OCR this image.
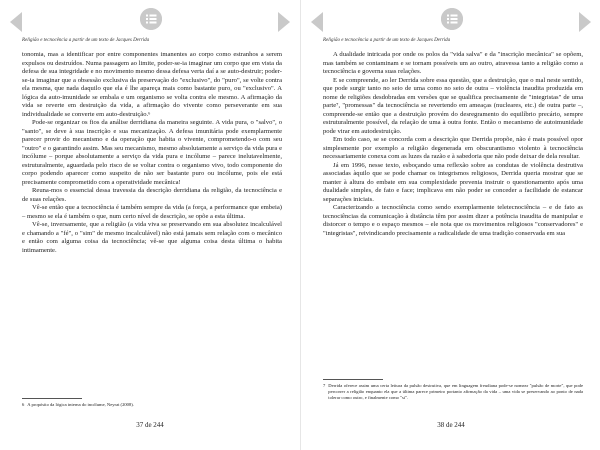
Religião e tecnocência a partir de um texto de Jacques Derrida

tonomia, mas a identificar por entre componentes imanentes ao corpo como estranhos a serem expulsos ou destruídos. Numa passagem ao limite, poder-se-ia imaginar um corpo que em vista da defesa de sua integridade e no movimento mesmo dessa defesa verta daí a se auto-destruir; poder-se-ia imaginar que a obsessão exclusiva da preservação do "exclusivo", do "puro", se volte contra ela mesma, que nada daquilo que ela é lhe apareça mais como bastante puro, ou "exclusivo". A lógica da auto-imunidade se embala e um organismo se volta contra ele mesmo. A afirmação da vida se reverte em destruição da vida, a afirmação do vivente como perseverante em sua individualidade se converte em auto-destruição.⁶

Pode-se organizar os fios da análise derridiana da maneira seguinte. A vida pura, o "salvo", o "santo", se deve à sua inscrição e sua mecanização. A defesa imunitária pode exemplarmente parecer provir do mecanismo e da operação que habita o vivente, comprometendo-o com seu "outro" e o garantindo assim. Mas seu mecanismo, mesmo absolutamente a serviço da vida pura e incólume – porque absolutamente a serviço da vida pura e incólume – parece inelutavelmente, estruturalmente, aguardada pelo risco de se voltar contra o organismo vivo, todo componente do corpo podendo aparecer como suspeito de não ser bastante puro ou incólume, pois ele está precisamente comprometido com a operatividade mecânica!

Reuna-mos o essencial dessa travessia da descrição derridiana da religião, da tecnociência e de suas relações.

Vê-se então que a tecnociência é também sempre da vida (a força, a performance que embeia) – mesmo se ela é também o que, num certo nível de descrição, se opõe a esta última.

Vê-se, inversamente, que a religião (a vida viva se preservando em sua absolutez incalculável e chamando a "fé", o "sim" de mesmo incalculável) não está jamais sem relação com o mecânico e então com alguma coisa da tecnociência; vê-se que alguma coisa desta última o habita intimamente.

6 A propósito da lógica interna do incólume, Neyrat (2008).
37 de 244
Religião e tecnocência a partir de um texto de Jacques Derrida

A dualidade intricada por onde os polos da "vida salva" e da "inscrição mecânica" se opõem, mas também se contaminam e se tornam possíveis um ao outro, atravessa tanto a religião como a tecnociência e governa suas relações.

E se compreende, ao ler Derrida sobre essa questão, que a destruição, que o mal neste sentido, que pode surgir tanto no seio de uma como no seio de outra – violência inaudita produzida em nome de religiões desdobradas em versões que se qualifica precisamente de "integristas" de uma parte⁷, "promessas" da tecnociência se revertendo em ameaças (nucleares, etc.) de outra parte –, compreende-se então que a destruição provém do desregramento do equilíbrio precário, sempre estruturalmente possível, da relação de uma à outra fonte. Então o mecanismo de autoimunidade pode virar em autodestruição.

Em todo caso, se se concorda com a descrição que Derrida propõe, não é mais possível opor simplesmente por exemplo a religião degenerada em obscurantismo violento à tecnociência necessariamente conexa com as luzes da razão e à sabedoria que não pode deixar de dela resultar.

Já em 1996, nesse texto, esboçando uma reflexão sobre as condutas de violência destrutiva associadas àquilo que se pode chamar os integrismos religiosos, Derrida queria mostrar que se manter à altura do embate em sua complexidade prevenia instruir o questionamento após uma dualidade simples, de fato e face; implicava em não poder se conceder a facilidade de estancar separações iniciais.

Caracterizando a tecnociência como sendo exemplarmente teletecnociência – e de fato as tecnociências da comunicação à distância têm por assim dizer a potência inaudita de manipular e distorcer o tempo e o espaço mesmos – ele nota que os movimentos religiosos "conservadores" e "integristas", reivindicando precisamente a radicalidade de uma tradição conservada em sua

7 Derrida oferece assim uma certa leitura da pulsão destrutiva, que em linguagem freudiana pode-se nomear "pulsão de morte", que pode percorrer a religião enquanto ela que a última parece primeiro portanto afirmação da vida – uma vida se preservando ao ponto de nada tolerar como outro, e finalmente como "si".
38 de 244
